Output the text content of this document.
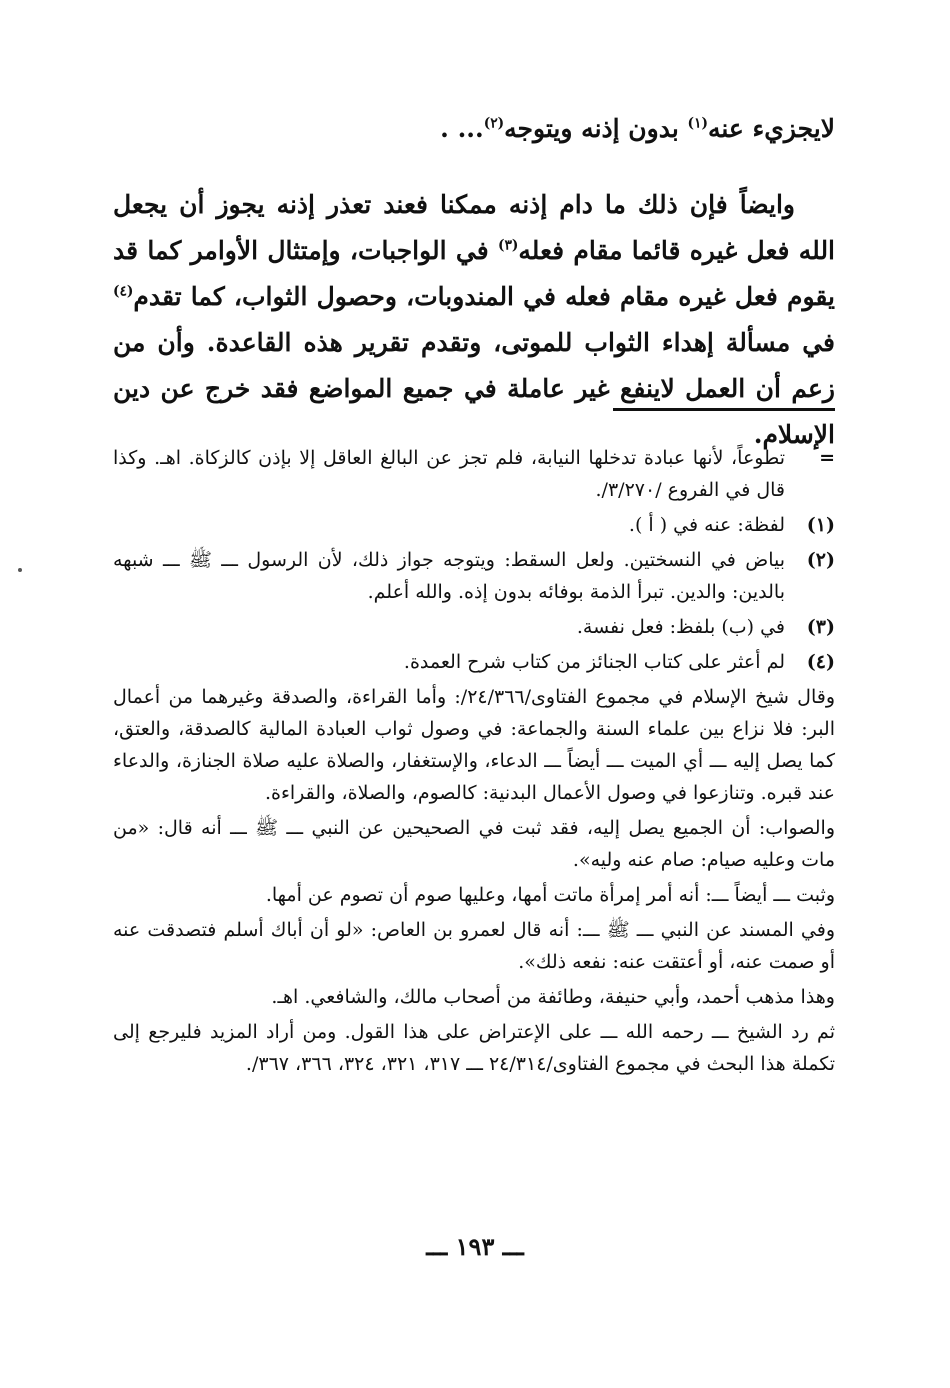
لايجزيء عنه$^{(١)}$ بدون إذنه ويتوجه$^{(٢)}$... .

وايضاً فإن ذلك ما دام إذنه ممكنا فعند تعذر إذنه يجوز أن يجعل الله فعل غيره قائما مقام فعله$^{(٣)}$ في الواجبات، وإمتثال الأوامر كما قد يقوم فعل غيره مقام فعله في المندوبات، وحصول الثواب، كما تقدم$^{(٤)}$ في مسألة إهداء الثواب للموتى، وتقدم تقرير هذه القاعدة. وأن من زعم أن العمل لاينفع غير عاملة في جميع المواضع فقد خرج عن دين الإسلام.

=
تطوعاً، لأنها عبادة تدخلها النيابة، فلم تجز عن البالغ العاقل إلا بإذن كالزكاة. اهـ. وكذا قال في الفروع /٣/٢٧٠/.
(١)
لفظة: عنه في ( أ ).
(٢)
بياض في النسختين. ولعل السقط: ويتوجه جواز ذلك، لأن الرسول ـــ ﷺ ـــ شبهه بالدين: والدين. تبرأ الذمة بوفائه بدون إذه. والله أعلم.
(٣)
في (ب) بلفظ: فعل نفسة.
(٤)
لم أعثر على كتاب الجنائز من كتاب شرح العمدة.

وقال شيخ الإسلام في مجموع الفتاوى/٢٤/٣٦٦/: وأما القراءة، والصدقة وغيرهما من أعمال البر: فلا نزاع بين علماء السنة والجماعة: في وصول ثواب العبادة المالية كالصدقة، والعتق، كما يصل إليه ـــ أي الميت ـــ أيضاً ـــ الدعاء، والإستغفار، والصلاة عليه صلاة الجنازة، والدعاء عند قبره. وتنازعوا في وصول الأعمال البدنية: كالصوم، والصلاة، والقراءة.

والصواب: أن الجميع يصل إليه، فقد ثبت في الصحيحين عن النبي ـــ ﷺ ـــ أنه قال: «من مات وعليه صيام: صام عنه وليه».

وثبت ـــ أيضاً ـــ: أنه أمر إمرأة ماتت أمها، وعليها صوم أن تصوم عن أمها.

وفي المسند عن النبي ـــ ﷺ ـــ: أنه قال لعمرو بن العاص: «لو أن أباك أسلم فتصدقت عنه أو صمت عنه، أو أعتقت عنه: نفعه ذلك».

وهذا مذهب أحمد، وأبي حنيفة، وطائفة من أصحاب مالك، والشافعي. اهـ.

ثم رد الشيخ ـــ رحمه الله ـــ على الإعتراض على هذا القول. ومن أراد المزيد فليرجع إلى تكملة هذا البحث في مجموع الفتاوى/٢٤/٣١٤ ـــ ٣١٧، ٣٢١، ٣٢٤، ٣٦٦، ٣٦٧/.

ـــ ١٩٣ ـــ
